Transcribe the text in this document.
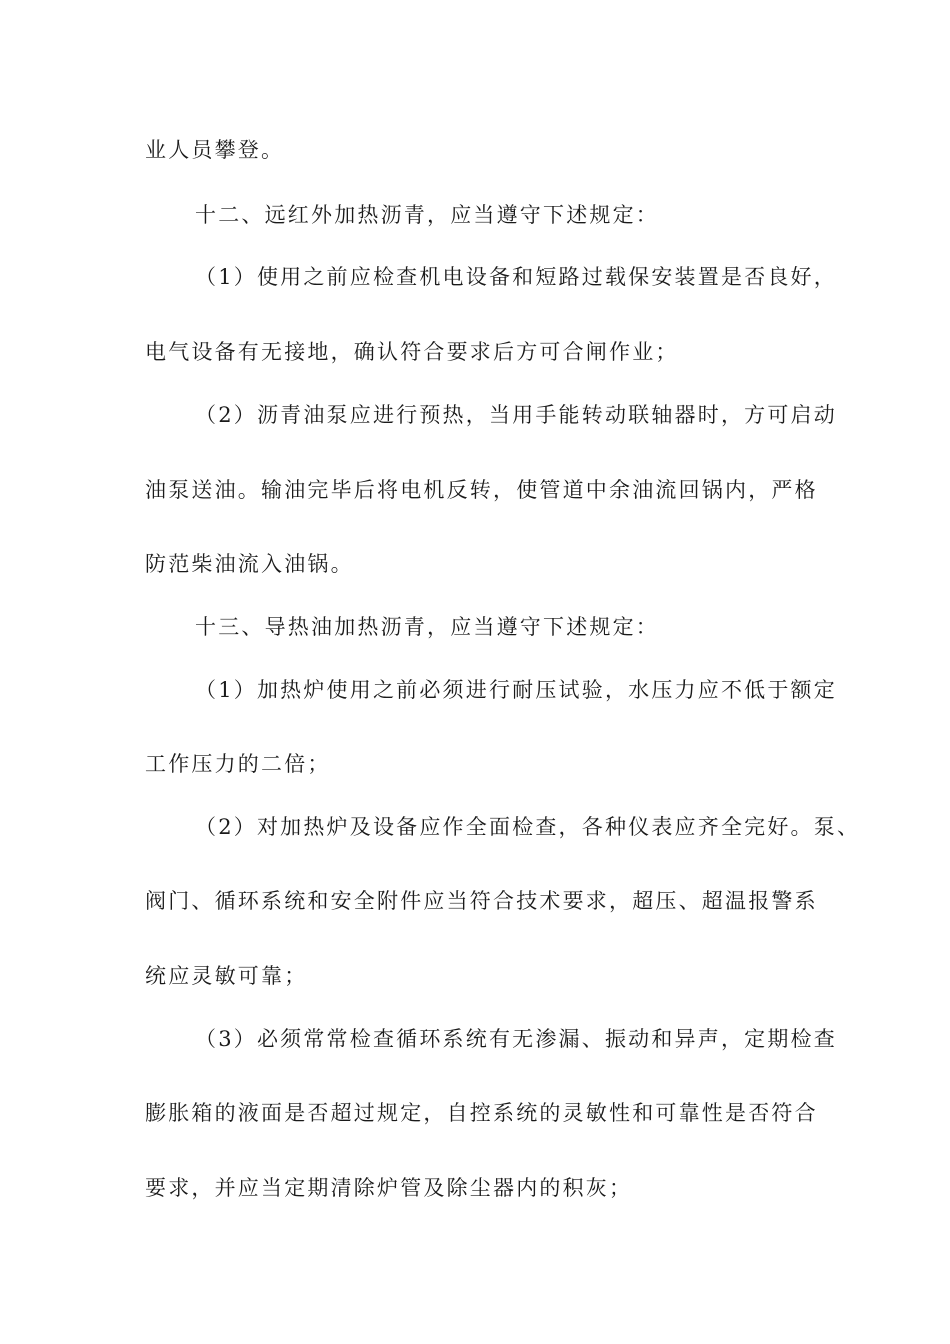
业人员攀登。
十二、远红外加热沥青，应当遵守下述规定：
（1）使用之前应检查机电设备和短路过载保安装置是否良好，
电气设备有无接地，确认符合要求后方可合闸作业；
（2）沥青油泵应进行预热，当用手能转动联轴器时，方可启动
油泵送油。输油完毕后将电机反转，使管道中余油流回锅内，严格
防范柴油流入油锅。
十三、导热油加热沥青，应当遵守下述规定：
（1）加热炉使用之前必须进行耐压试验，水压力应不低于额定
工作压力的二倍；
（2）对加热炉及设备应作全面检查，各种仪表应齐全完好。泵、
阀门、循环系统和安全附件应当符合技术要求，超压、超温报警系
统应灵敏可靠；
（3）必须常常检查循环系统有无渗漏、振动和异声，定期检查
膨胀箱的液面是否超过规定，自控系统的灵敏性和可靠性是否符合
要求，并应当定期清除炉管及除尘器内的积灰；
